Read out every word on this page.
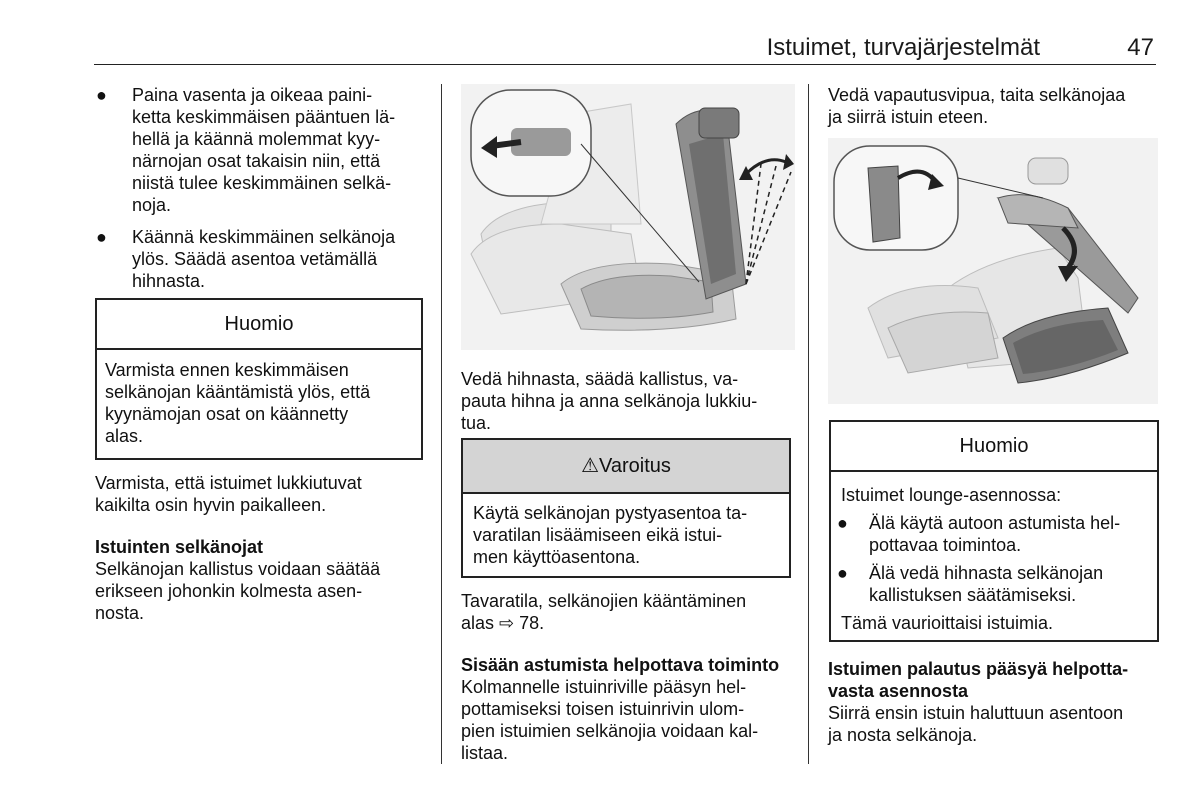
Istuimet, turvajärjestelmät	47
● Paina vasenta ja oikeaa paini-
ketta keskimmäisen pääntuen lä-
hellä ja käännä molemmat kyy-
närnojan osat takaisin niin, että
niistä tulee keskimmäinen selkä-
noja.
● Käännä keskimmäinen selkänoja
ylös. Säädä asentoa vetämällä
hihnasta.
Huomio
Varmista ennen keskimmäisen
selkänojan kääntämistä ylös, että
kyynämojan osat on käännetty
alas.
Varmista, että istuimet lukkiutuvat
kaikilta osin hyvin paikalleen.
Istuinten selkänojat
Selkänojan kallistus voidaan säätää
erikseen johonkin kolmesta asen-
nosta.
Vedä hihnasta, säädä kallistus, va-
pauta hihna ja anna selkänoja lukkiu-
tua.
⚠Varoitus
Käytä selkänojan pystyasentoa ta-
varatilan lisäämiseen eikä istui-
men käyttöasentona.
Tavaratila, selkänojien kääntäminen
alas ⇨ 78.
Sisään astumista helpottava toiminto
Kolmannelle istuinriville pääsyn hel-
pottamiseksi toisen istuinrivin ulom-
pien istuimien selkänojia voidaan kal-
listaa.
Vedä vapautusvipua, taita selkänojaa
ja siirrä istuin eteen.
Huomio
Istuimet lounge-asennossa:
● Älä käytä autoon astumista hel-
pottavaa toimintoa.
● Älä vedä hihnasta selkänojan
kallistuksen säätämiseksi.
Tämä vaurioittaisi istuimia.
Istuimen palautus pääsyä helpotta-
vasta asennosta
Siirrä ensin istuin haluttuun asentoon
ja nosta selkänoja.
